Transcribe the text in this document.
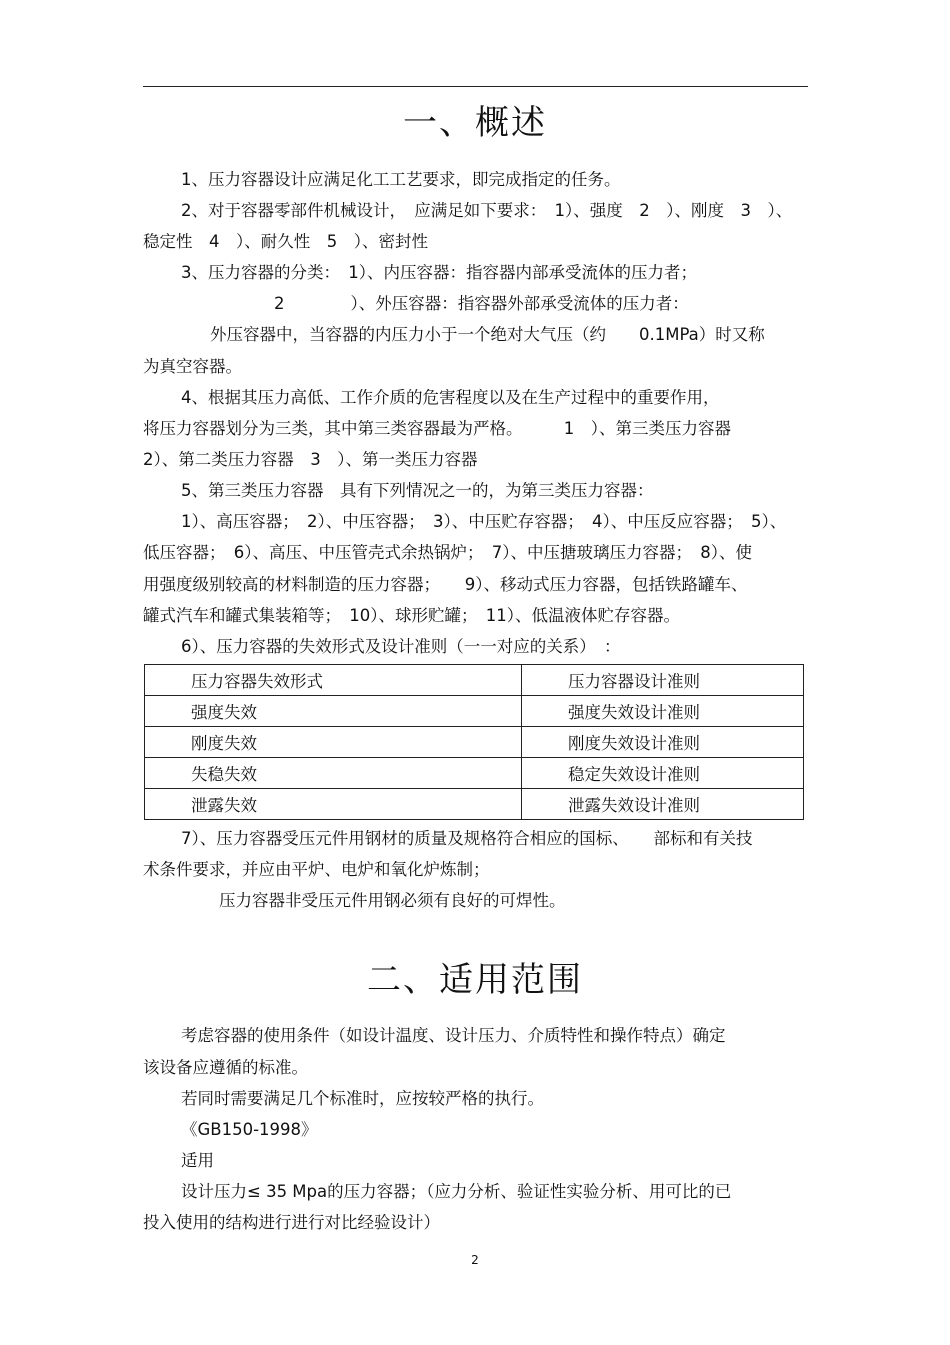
一、概述
1、压力容器设计应满足化工工艺要求，即完成指定的任务。
2、对于容器零部件机械设计，　应满足如下要求：　1）、强度　2　）、刚度　3　）、
稳定性　4　）、耐久性　5　）、密封性
3、压力容器的分类：　1）、内压容器：指容器内部承受流体的压力者；
2　　　　）、外压容器：指容器外部承受流体的压力者：
外压容器中，当容器的内压力小于一个绝对大气压（约　　0.1MPa）时又称
为真空容器。
4、根据其压力高低、工作介质的危害程度以及在生产过程中的重要作用，
将压力容器划分为三类，其中第三类容器最为严格。　　　1　）、第三类压力容器
2）、第二类压力容器　3　）、第一类压力容器
5、第三类压力容器　具有下列情况之一的，为第三类压力容器：
1）、高压容器；　2）、中压容器；　3）、中压贮存容器；　4）、中压反应容器；　5）、
低压容器；　6）、高压、中压管壳式余热锅炉；　7）、中压搪玻璃压力容器；　8）、使
用强度级别较高的材料制造的压力容器；　　9）、移动式压力容器，包括铁路罐车、
罐式汽车和罐式集装箱等；　10）、球形贮罐；　11）、低温液体贮存容器。
6）、压力容器的失效形式及设计准则（一一对应的关系）　：
压力容器失效形式	压力容器设计准则
强度失效	强度失效设计准则
刚度失效	刚度失效设计准则
失稳失效	稳定失效设计准则
泄露失效	泄露失效设计准则
7）、压力容器受压元件用钢材的质量及规格符合相应的国标、　　部标和有关技
术条件要求，并应由平炉、电炉和氧化炉炼制；
压力容器非受压元件用钢必须有良好的可焊性。
二、适用范围
考虑容器的使用条件（如设计温度、设计压力、介质特性和操作特点）确定
该设备应遵循的标准。
若同时需要满足几个标准时，应按较严格的执行。
《GB150-1998》
适用
设计压力≤ 35 Mpa的压力容器；（应力分析、验证性实验分析、用可比的已
投入使用的结构进行进行对比经验设计）
2
